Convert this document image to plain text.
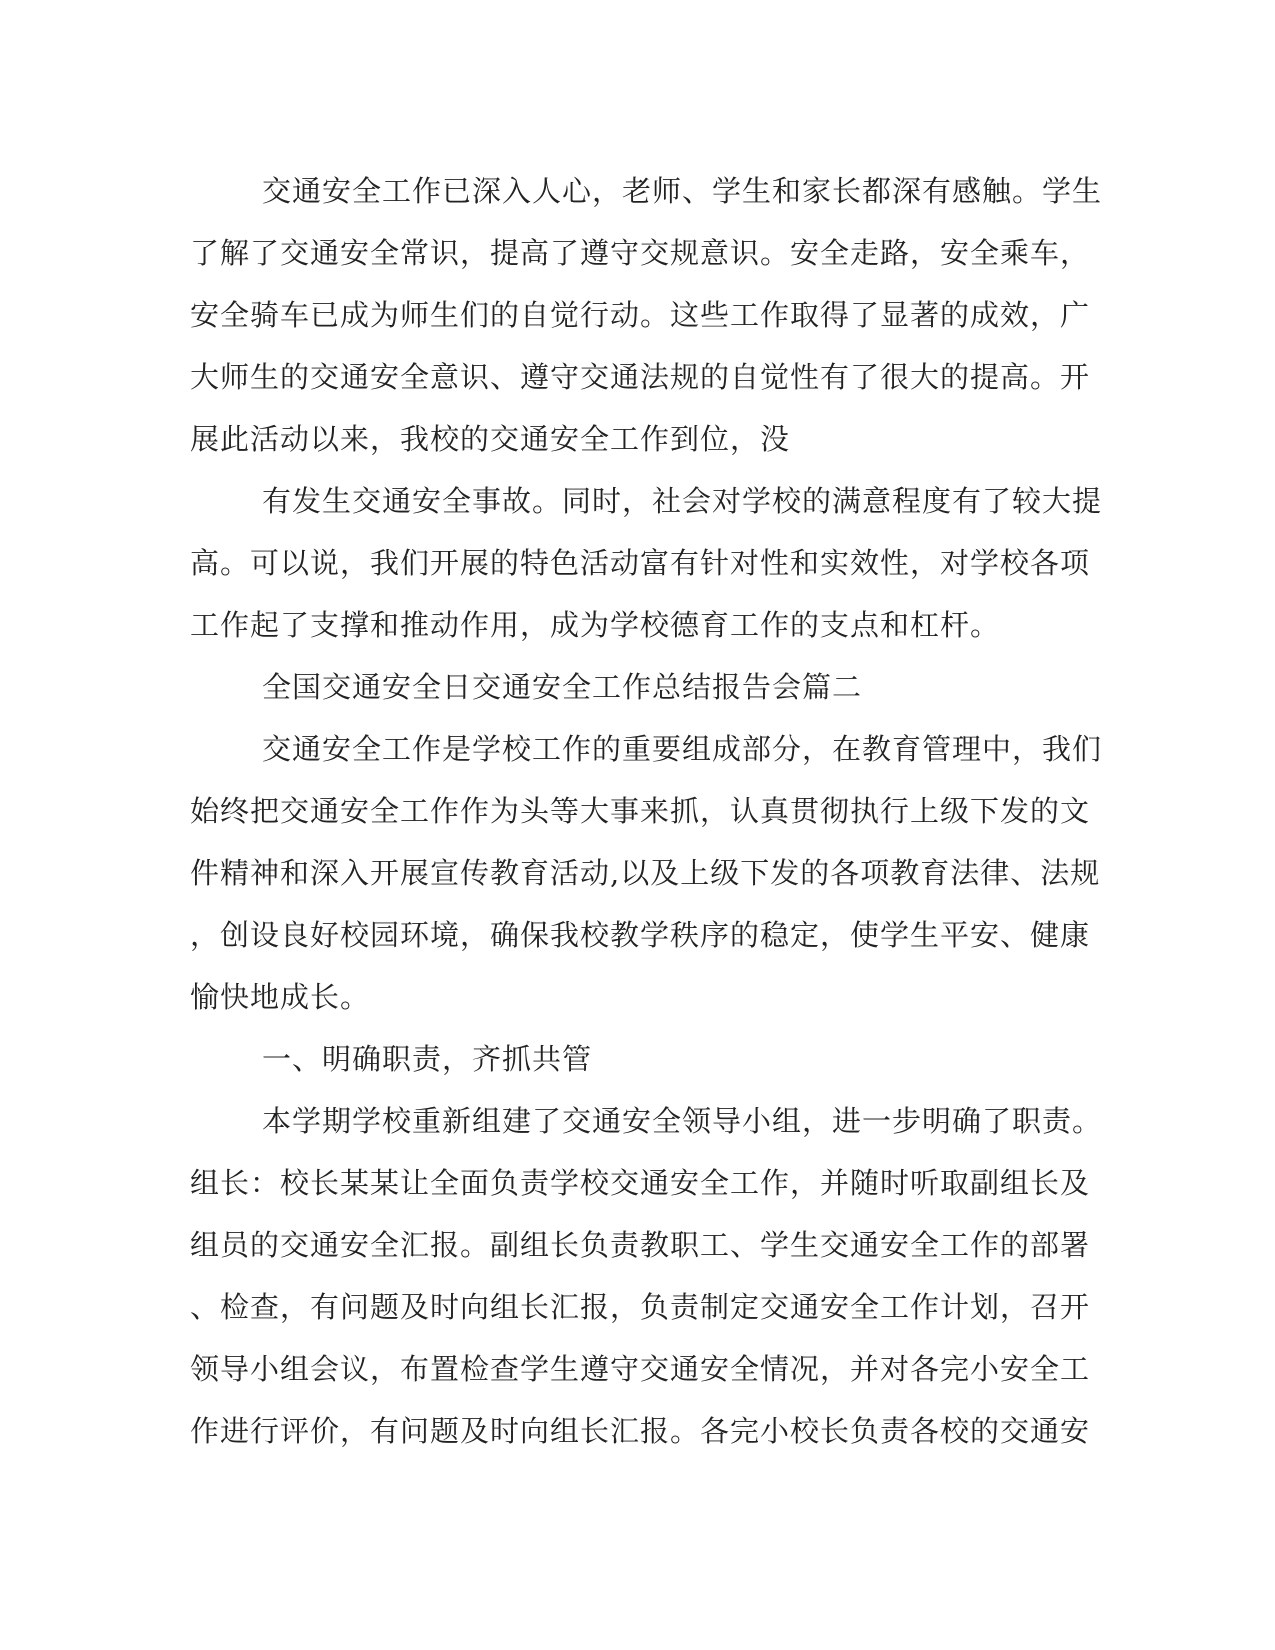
交通安全工作已深入人心，老师、学生和家长都深有感触。学生
了解了交通安全常识，提高了遵守交规意识。安全走路，安全乘车，
安全骑车已成为师生们的自觉行动。这些工作取得了显著的成效，广
大师生的交通安全意识、遵守交通法规的自觉性有了很大的提高。开
展此活动以来，我校的交通安全工作到位，没
有发生交通安全事故。同时，社会对学校的满意程度有了较大提
高。可以说，我们开展的特色活动富有针对性和实效性，对学校各项
工作起了支撑和推动作用，成为学校德育工作的支点和杠杆。
全国交通安全日交通安全工作总结报告会篇二
交通安全工作是学校工作的重要组成部分，在教育管理中，我们
始终把交通安全工作作为头等大事来抓，认真贯彻执行上级下发的文
件精神和深入开展宣传教育活动,以及上级下发的各项教育法律、法规
，创设良好校园环境，确保我校教学秩序的稳定，使学生平安、健康
愉快地成长。
一、明确职责，齐抓共管
本学期学校重新组建了交通安全领导小组，进一步明确了职责。
组长：校长某某让全面负责学校交通安全工作，并随时听取副组长及
组员的交通安全汇报。副组长负责教职工、学生交通安全工作的部署
、检查，有问题及时向组长汇报，负责制定交通安全工作计划，召开
领导小组会议，布置检查学生遵守交通安全情况，并对各完小安全工
作进行评价，有问题及时向组长汇报。各完小校长负责各校的交通安
